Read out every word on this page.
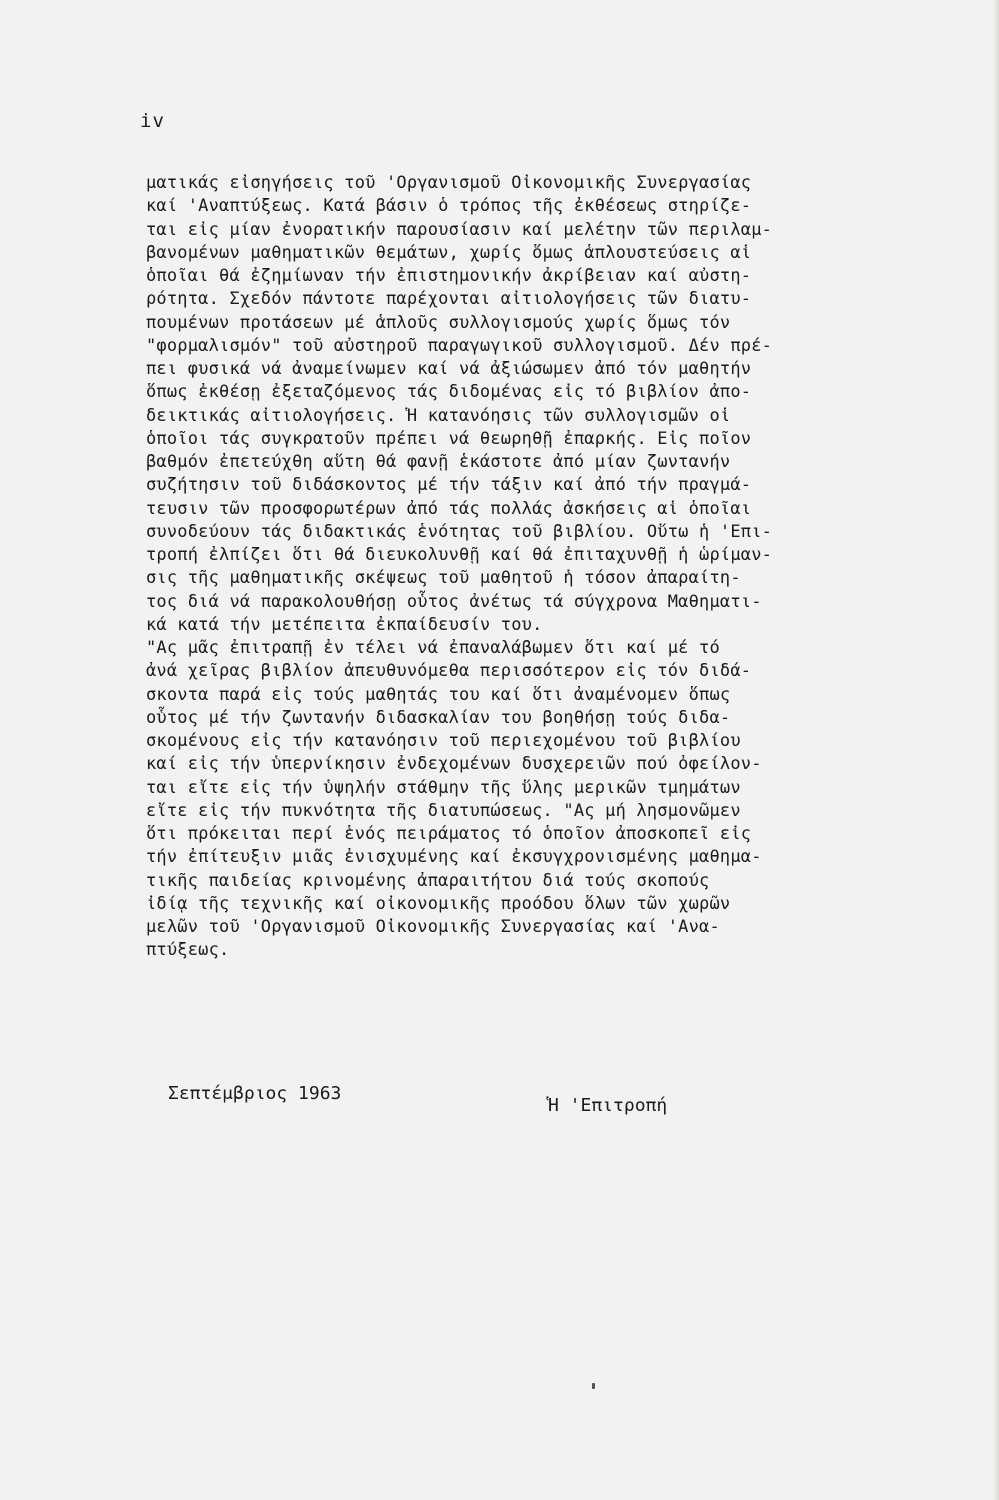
iv
ματικάς εἰσηγήσεις τοῦ 'Οργανισμοῦ Οἰκονομικῆς Συνεργασίας
καί 'Αναπτύξεως. Κατά βάσιν ὁ τρόπος τῆς ἐκθέσεως στηρίζε-
ται εἰς μίαν ἐνορατικήν παρουσίασιν καί μελέτην τῶν περιλαμ-
βανομένων μαθηματικῶν θεμάτων, χωρίς ὅμως ἁπλουστεύσεις αἱ
ὁποῖαι θά ἐζημίωναν τήν ἐπιστημονικήν ἀκρίβειαν καί αὐστη-
ρότητα. Σχεδόν πάντοτε παρέχονται αἰτιολογήσεις τῶν διατυ-
πουμένων προτάσεων μέ ἁπλοῦς συλλογισμούς χωρίς ὅμως τόν
"φορμαλισμόν" τοῦ αὐστηροῦ παραγωγικοῦ συλλογισμοῦ. Δέν πρέ-
πει φυσικά νά ἀναμείνωμεν καί νά ἀξιώσωμεν ἀπό τόν μαθητήν
ὅπως ἐκθέσῃ ἐξεταζόμενος τάς διδομένας εἰς τό βιβλίον ἀπο-
δεικτικάς αἰτιολογήσεις. Ἡ κατανόησις τῶν συλλογισμῶν οἱ
ὁποῖοι τάς συγκρατοῦν πρέπει νά θεωρηθῇ ἐπαρκής. Εἰς ποῖον
βαθμόν ἐπετεύχθη αὕτη θά φανῇ ἑκάστοτε ἀπό μίαν ζωντανήν
συζήτησιν τοῦ διδάσκοντος μέ τήν τάξιν καί ἀπό τήν πραγμά-
τευσιν τῶν προσφορωτέρων ἀπό τάς πολλάς ἀσκήσεις αἱ ὁποῖαι
συνοδεύουν τάς διδακτικάς ἑνότητας τοῦ βιβλίου. Οὕτω ἡ 'Επι-
τροπή ἐλπίζει ὅτι θά διευκολυνθῇ καί θά ἐπιταχυνθῇ ἡ ὡρίμαν-
σις τῆς μαθηματικῆς σκέψεως τοῦ μαθητοῦ ἡ τόσον ἀπαραίτη-
τος διά νά παρακολουθήσῃ οὗτος ἀνέτως τά σύγχρονα Μαθηματι-
κά κατά τήν μετέπειτα ἐκπαίδευσίν του.
"Ας μᾶς ἐπιτραπῇ ἐν τέλει νά ἐπαναλάβωμεν ὅτι καί μέ τό
ἀνά χεῖρας βιβλίον ἀπευθυνόμεθα περισσότερον εἰς τόν διδά-
σκοντα παρά εἰς τούς μαθητάς του καί ὅτι ἀναμένομεν ὅπως
οὗτος μέ τήν ζωντανήν διδασκαλίαν του βοηθήσῃ τούς διδα-
σκομένους εἰς τήν κατανόησιν τοῦ περιεχομένου τοῦ βιβλίου
καί εἰς τήν ὑπερνίκησιν ἐνδεχομένων δυσχερειῶν πού ὀφείλον-
ται εἴτε εἰς τήν ὑψηλήν στάθμην τῆς ὕλης μερικῶν τμημάτων
εἴτε εἰς τήν πυκνότητα τῆς διατυπώσεως. "Ας μή λησμονῶμεν
ὅτι πρόκειται περί ἑνός πειράματος τό ὁποῖον ἀποσκοπεῖ εἰς
τήν ἐπίτευξιν μιᾶς ἐνισχυμένης καί ἐκσυγχρονισμένης μαθημα-
τικῆς παιδείας κρινομένης ἀπαραιτήτου διά τούς σκοπούς
ἰδίᾳ τῆς τεχνικῆς καί οἰκονομικῆς προόδου ὅλων τῶν χωρῶν
μελῶν τοῦ 'Οργανισμοῦ Οἰκονομικῆς Συνεργασίας καί 'Ανα-
πτύξεως.
Σεπτέμβριος 1963
Ἡ 'Επιτροπή
